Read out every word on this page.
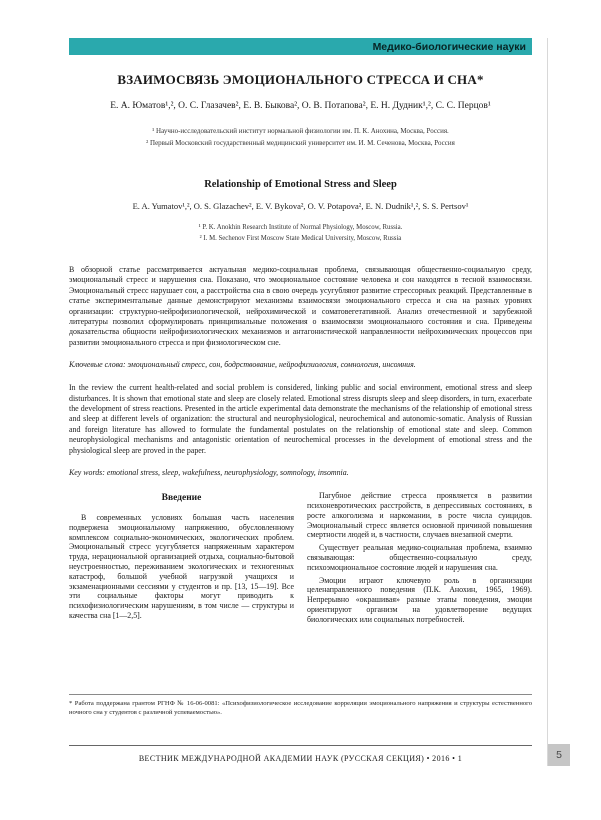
Медико-биологические науки
ВЗАИМОСВЯЗЬ ЭМОЦИОНАЛЬНОГО СТРЕССА И СНА*
Е. А. Юматов¹,², О. С. Глазачев², Е. В. Быкова², О. В. Потапова², Е. Н. Дудник¹,², С. С. Перцов¹
¹ Научно-исследовательский институт нормальной физиологии им. П. К. Анохина, Москва, Россия.
² Первый Московский государственный медицинский университет им. И. М. Сеченова, Москва, Россия
Relationship of Emotional Stress and Sleep
E. A. Yumatov¹,², O. S. Glazachev², E. V. Bykova², O. V. Potapova², E. N. Dudnik¹,², S. S. Pertsov¹
¹ P. K. Anokhin Research Institute of Normal Physiology, Moscow, Russia.
² I. M. Sechenov First Moscow State Medical University, Moscow, Russia
В обзорной статье рассматривается актуальная медико-социальная проблема, связывающая общественно-социальную среду, эмоциональный стресс и нарушения сна. Показано, что эмоциональное состояние человека и сон находятся в тесной взаимосвязи. Эмоциональный стресс нарушает сон, а расстройства сна в свою очередь усугубляют развитие стрессорных реакций. Представленные в статье экспериментальные данные демонстрируют механизмы взаимосвязи эмоционального стресса и сна на разных уровнях организации: структурно-нейрофизиологической, нейрохимической и соматовегетативной. Анализ отечественной и зарубежной литературы позволил сформулировать принципиальные положения о взаимосвязи эмоционального состояния и сна. Приведены доказательства общности нейрофизиологических механизмов и антагонистической направленности нейрохимических процессов при развитии эмоционального стресса и при физиологическом сне.
Ключевые слова: эмоциональный стресс, сон, бодрствование, нейрофизиология, сомнология, инсомния.
In the review the current health-related and social problem is considered, linking public and social environment, emotional stress and sleep disturbances. It is shown that emotional state and sleep are closely related. Emotional stress disrupts sleep and sleep disorders, in turn, exacerbate the development of stress reactions. Presented in the article experimental data demonstrate the mechanisms of the relationship of emotional stress and sleep at different levels of organization: the structural and neurophysiological, neurochemical and autonomic-somatic. Analysis of Russian and foreign literature has allowed to formulate the fundamental postulates on the relationship of emotional state and sleep. Common neurophysiological mechanisms and antagonistic orientation of neurochemical processes in the development of emotional stress and the physiological sleep are proved in the paper.
Key words: emotional stress, sleep, wakefulness, neurophysiology, somnology, insomnia.
Введение

В современных условиях большая часть населения подвержена эмоциональному напряжению, обусловленному комплексом социально-экономических, экологических проблем. Эмоциональный стресс усугубляется напряженным характером труда, нерациональной организацией отдыха, социально-бытовой неустроенностью, переживанием экологических и техногенных катастроф, большой учебной нагрузкой учащихся и экзаменационными сессиями у студентов и пр. [13, 15—19]. Все эти социальные факторы могут приводить к психофизиологическим нарушениям, в том числе — структуры и качества сна [1—2,5].

Пагубное действие стресса проявляется в развитии психоневротических расстройств, в депрессивных состояниях, в росте алкоголизма и наркомании, в росте числа суицидов. Эмоциональный стресс является основной причиной повышения смертности людей и, в частности, случаев внезапной смерти.

Существует реальная медико-социальная проблема, взаимно связывающая: общественно-социальную среду, психоэмоциональное состояние людей и нарушения сна.

Эмоции играют ключевую роль в организации целенаправленного поведения (П.К. Анохин, 1965, 1969). Непрерывно «окрашивая» разные этапы поведения, эмоции ориентируют организм на удовлетворение ведущих биологических или социальных потребностей.

* Работа поддержана грантом РГНФ № 16-06-0081: «Психофизиологическое исследование корреляции эмоционального напряжения и структуры естественного ночного сна у студентов с различной успеваемостью».
ВЕСТНИК МЕЖДУНАРОДНОЙ АКАДЕМИИ НАУК (РУССКАЯ СЕКЦИЯ) • 2016 • 1	5
